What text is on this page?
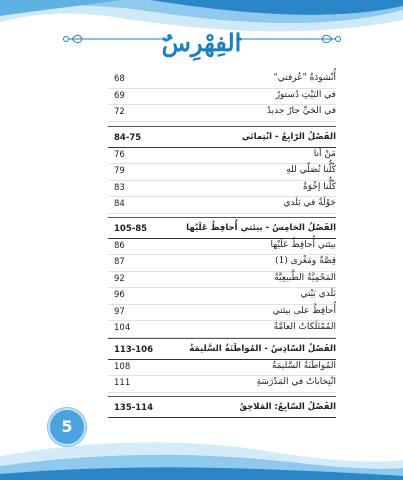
الفِهْرِسُ
أُنْشودَةُ "عُرفتي"
68
في البَيْتِ دُستورٌ
69
في الحَيِّ جارٌ جديدٌ
72
الفَصْلُ الرّابِعُ - انْتِمائي
84-75
مَنْ أنا
76
كُلُّنا نُصَلّي للهِ
79
كُلُّنا إخْوَةٌ
83
جَوْلَةٌ في بَلَدي
84
الفَصْلُ الخامِسُ - بيئتي أُحافِظُ عَلَيْها
105-85
بيئتي أُحافِظُ عَلَيْها
86
قِصَّةٌ ومَغْزى (1)
87
المَحْمِيَّةُ الطَّبيعِيَّةُ
92
بَلَدي بَيْتي
96
أُحافِظُ على بيئتي
97
المُمْتَلَكاتُ العامَّةُ
104
الفَصْلُ السّادِسُ - المُواطَنَةُ السَّليمَةُ
113-106
المُواطَنَةُ السَّليمَةُ
108
انْتِخاباتٌ في المَدْرَسَةِ
111
الفَصْلُ السّابِعُ: المَلاحِقُ
135-114
5
